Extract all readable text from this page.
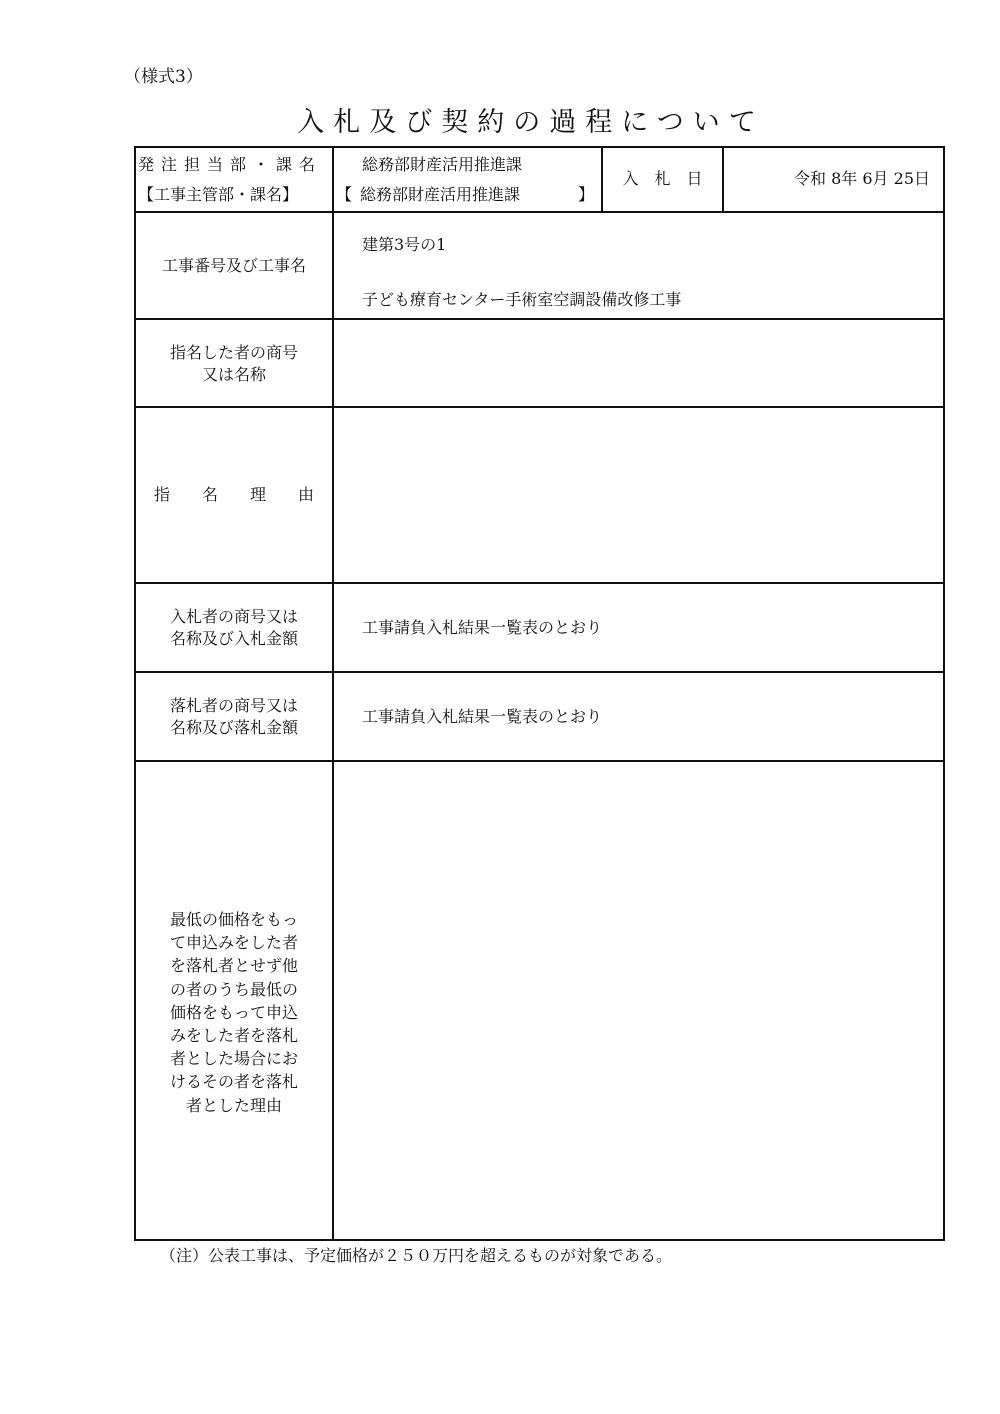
（様式3）
入札及び契約の過程について
発注担当部・課名
【工事主管部・課名】
総務部財産活用推進課
【 総務部財産活用推進課	】
入　札　日	令和 8年 6月 25日
工事番号及び工事名
建第3号の1
子ども療育センター手術室空調設備改修工事
指名した者の商号
又は名称
指　　名　　理　　由
入札者の商号又は
名称及び入札金額
工事請負入札結果一覧表のとおり
落札者の商号又は
名称及び落札金額
工事請負入札結果一覧表のとおり
最低の価格をもっ
て申込みをした者
を落札者とせず他
の者のうち最低の
価格をもって申込
みをした者を落札
者とした場合にお
けるその者を落札
者とした理由
（注）公表工事は、予定価格が２５０万円を超えるものが対象である。
